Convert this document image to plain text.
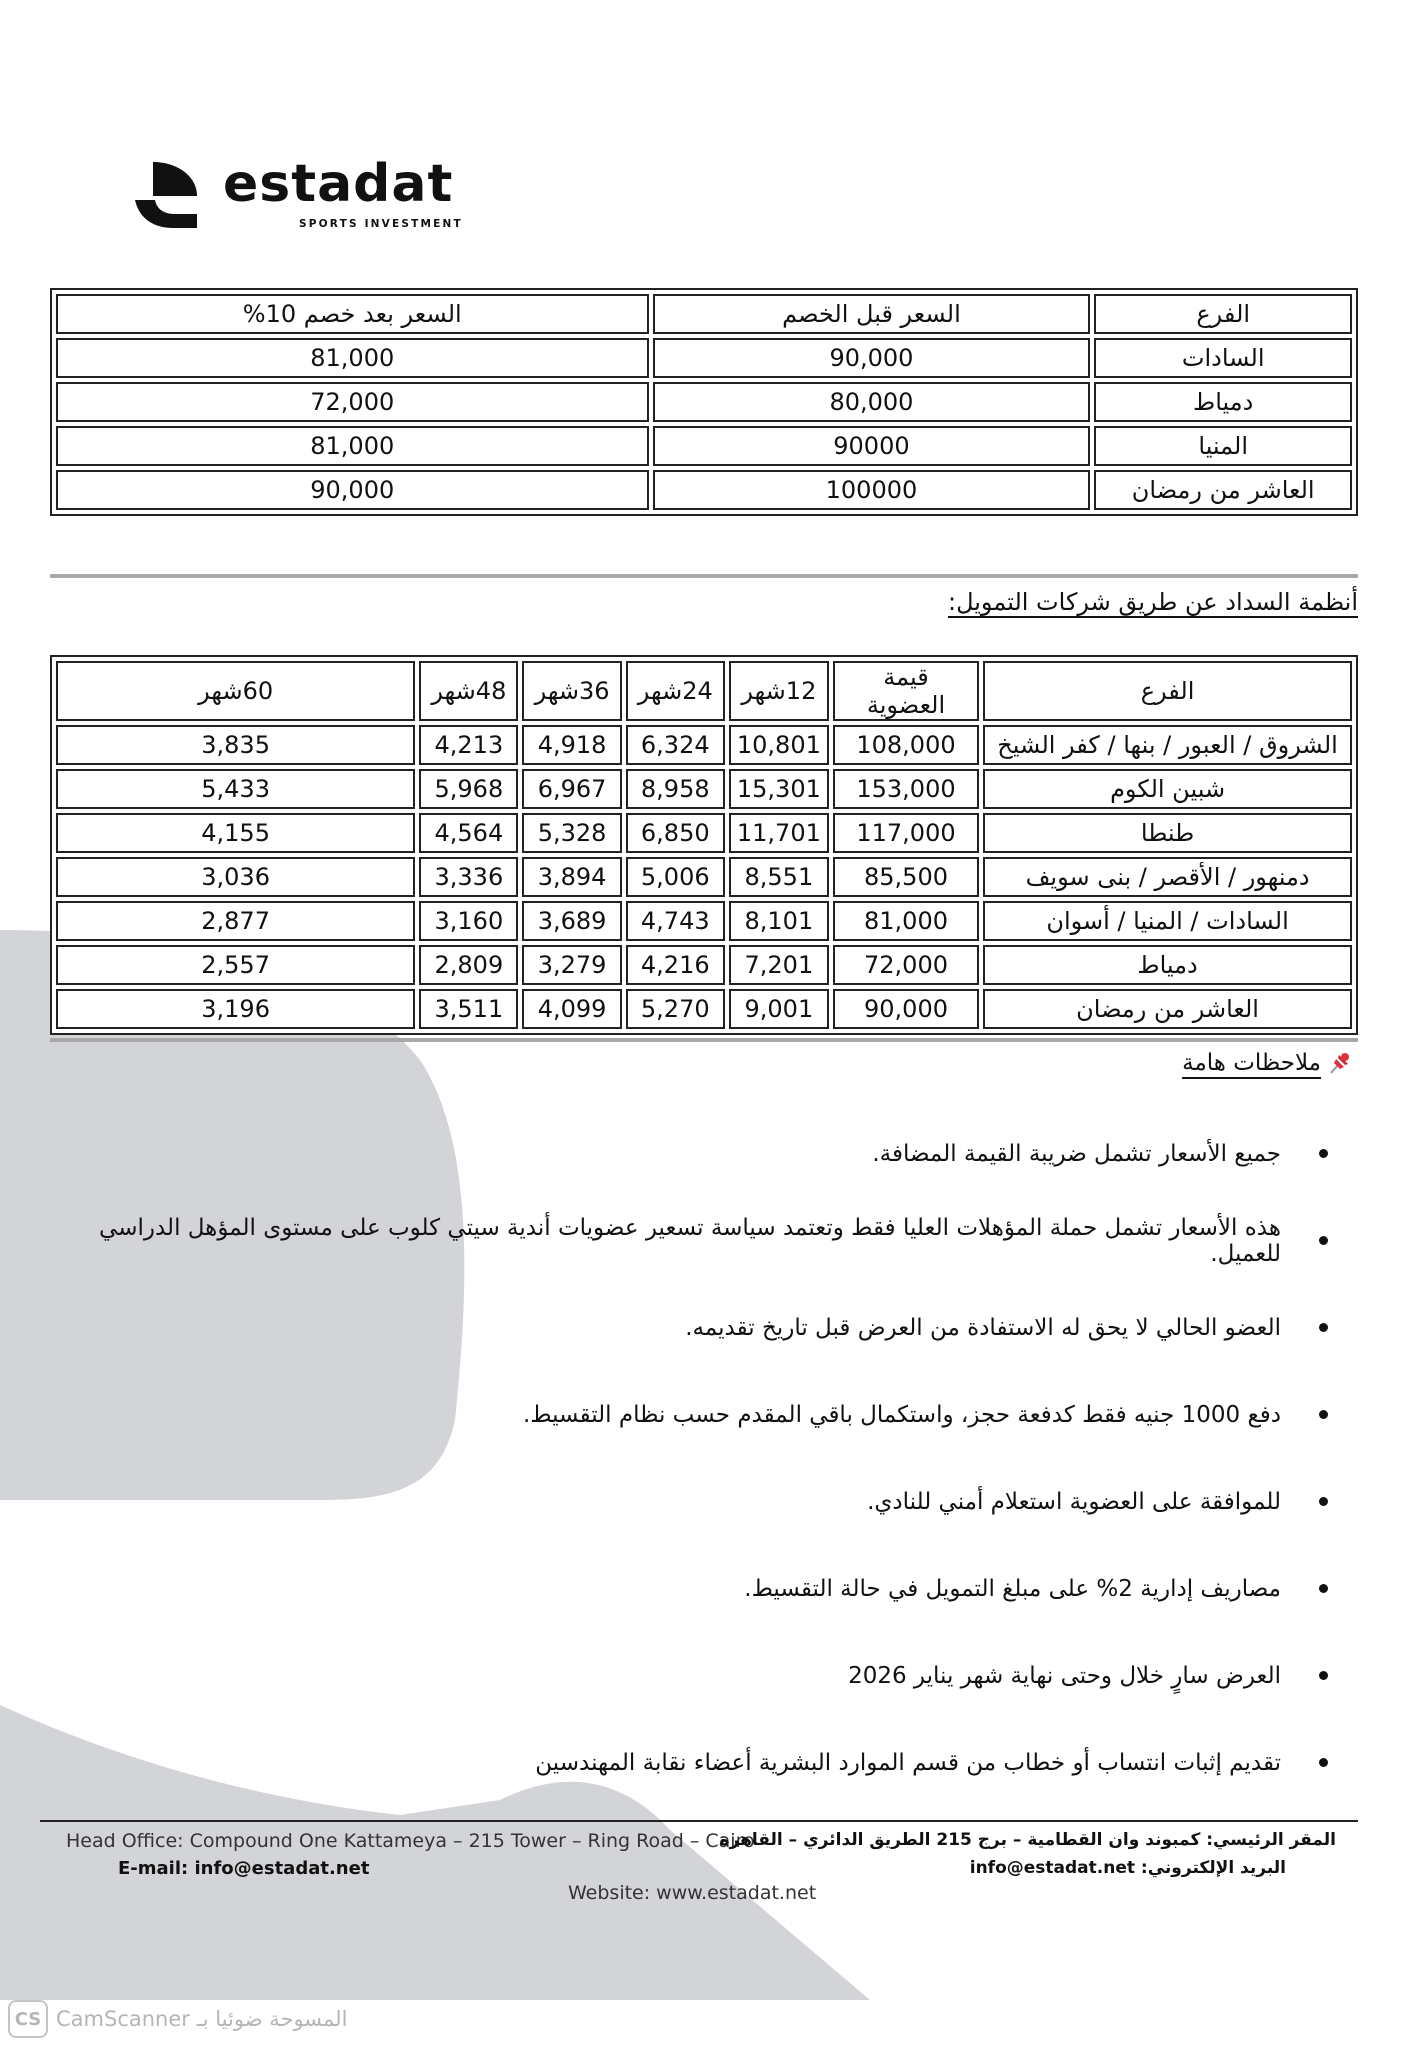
estadat
SPORTS INVESTMENT
الفرع	السعر قبل الخصم	السعر بعد خصم 10%
السادات	90,000	81,000
دمياط	80,000	72,000
المنيا	90000	81,000
العاشر من رمضان	100000	90,000
أنظمة السداد عن طريق شركات التمويل:
الفرع	قيمة العضوية	12شهر	24شهر	36شهر	48شهر	60شهر
الشروق / العبور / بنها / كفر الشيخ	108,000	10,801	6,324	4,918	4,213	3,835
شبين الكوم	153,000	15,301	8,958	6,967	5,968	5,433
طنطا	117,000	11,701	6,850	5,328	4,564	4,155
دمنهور / الأقصر / بنى سويف	85,500	8,551	5,006	3,894	3,336	3,036
السادات / المنيا / أسوان	81,000	8,101	4,743	3,689	3,160	2,877
دمياط	72,000	7,201	4,216	3,279	2,809	2,557
العاشر من رمضان	90,000	9,001	5,270	4,099	3,511	3,196
ملاحظات هامة
جميع الأسعار تشمل ضريبة القيمة المضافة.
هذه الأسعار تشمل حملة المؤهلات العليا فقط وتعتمد سياسة تسعير عضويات أندية سيتي كلوب على مستوى المؤهل الدراسي للعميل.
العضو الحالي لا يحق له الاستفادة من العرض قبل تاريخ تقديمه.
دفع 1000 جنيه فقط كدفعة حجز، واستكمال باقي المقدم حسب نظام التقسيط.
للموافقة على العضوية استعلام أمني للنادي.
مصاريف إدارية 2% على مبلغ التمويل في حالة التقسيط.
العرض سارٍ خلال وحتى نهاية شهر يناير 2026
تقديم إثبات انتساب أو خطاب من قسم الموارد البشرية أعضاء نقابة المهندسين
Head Office: Compound One Kattameya – 215 Tower – Ring Road – Cairo
E-mail: info@estadat.net
المقر الرئيسي: كمبوند وان القطامية – برج 215 الطريق الدائري – القاهرة
البريد الإلكتروني: info@estadat.net
Website: www.estadat.net
CS CamScanner المسوحة ضوئيا بـ
